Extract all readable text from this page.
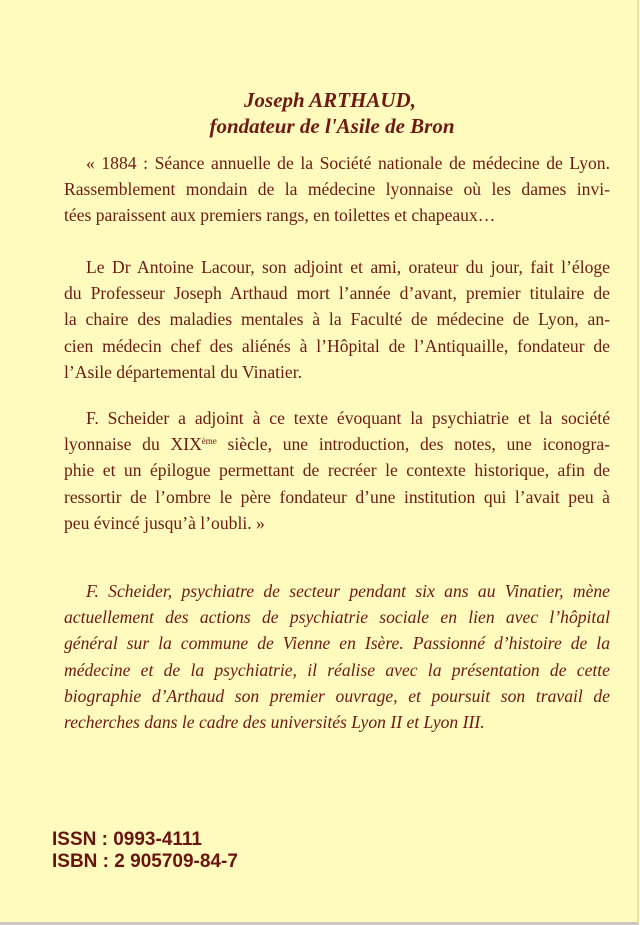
Joseph ARTHAUD,
fondateur de l'Asile de Bron
« 1884 : Séance annuelle de la Société nationale de médecine de Lyon.
Rassemblement mondain de la médecine lyonnaise où les dames invi-
tées paraissent aux premiers rangs, en toilettes et chapeaux…
Le Dr Antoine Lacour, son adjoint et ami, orateur du jour, fait l’éloge
du Professeur Joseph Arthaud mort l’année d’avant, premier titulaire de
la chaire des maladies mentales à la Faculté de médecine de Lyon, an-
cien médecin chef des aliénés à l’Hôpital de l’Antiquaille, fondateur de
l’Asile départemental du Vinatier.
F. Scheider a adjoint à ce texte évoquant la psychiatrie et la société
lyonnaise du XIXème siècle, une introduction, des notes, une iconogra-
phie et un épilogue permettant de recréer le contexte historique, afin de
ressortir de l’ombre le père fondateur d’une institution qui l’avait peu à
peu évincé jusqu’à l’oubli. »
F. Scheider, psychiatre de secteur pendant six ans au Vinatier, mène
actuellement des actions de psychiatrie sociale en lien avec l’hôpital
général sur la commune de Vienne en Isère. Passionné d’histoire de la
médecine et de la psychiatrie, il réalise avec la présentation de cette
biographie d’Arthaud son premier ouvrage, et poursuit son travail de
recherches dans le cadre des universités Lyon II et Lyon III.
ISSN : 0993-4111
ISBN : 2 905709-84-7
